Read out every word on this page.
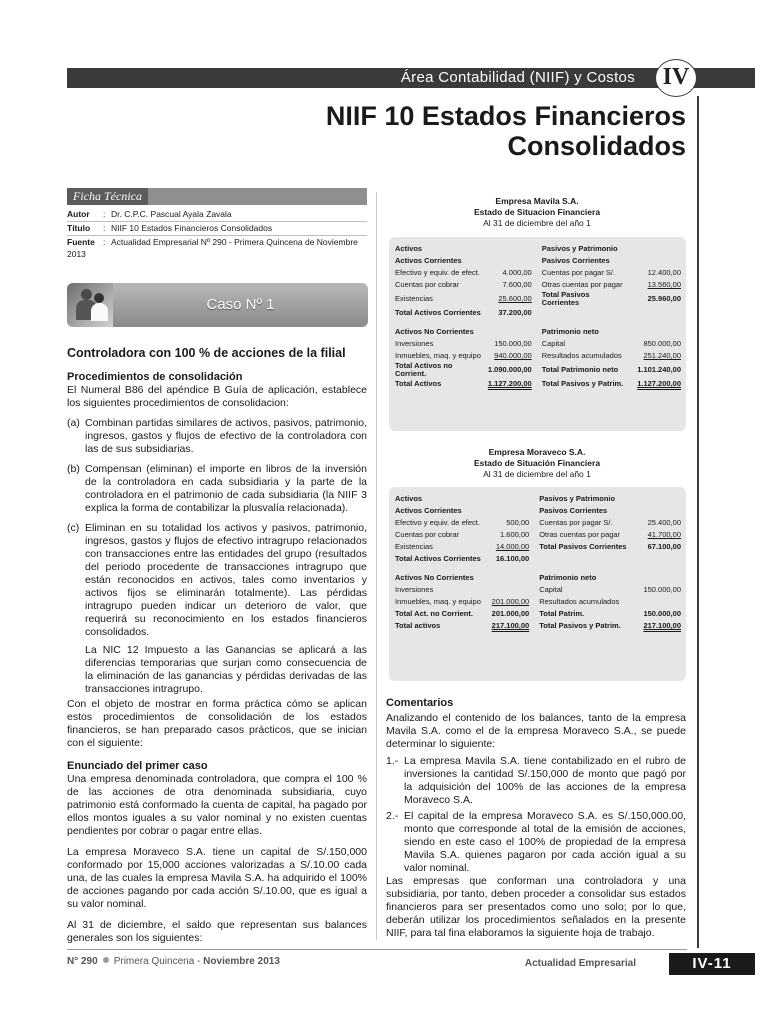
Área Contabilidad (NIIF) y Costos	IV
NIIF 10 Estados Financieros
Consolidados
Ficha Técnica
Autor : Dr. C.P.C. Pascual Ayala Zavala
Título : NIIF 10 Estados Financieros Consolidados
Fuente : Actualidad Empresarial Nº 290 - Primera Quincena de Noviembre 2013
Caso Nº 1
Controladora con 100 % de acciones de la filial
Procedimientos de consolidación

El Numeral B86 del apéndice B Guía de aplicación, establece los siguientes procedimientos de consolidacion:

(a) Combinan partidas similares de activos, pasivos, patrimonio, ingresos, gastos y flujos de efectivo de la controladora con las de sus subsidiarias.
(b) Compensan (eliminan) el importe en libros de la inversión de la controladora en cada subsidiaria y la parte de la controladora en el patrimonio de cada subsidiaria (la NIIF 3 explica la forma de contabilizar la plusvalía relacionada).
(c) Eliminan en su totalidad los activos y pasivos, patrimonio, ingresos, gastos y flujos de efectivo intragrupo relacionados con transacciones entre las entidades del grupo (resultados del periodo procedente de transacciones intragrupo que están reconocidos en activos, tales como inventarios y activos fijos se eliminarán totalmente). Las pérdidas intragrupo pueden indicar un deterioro de valor, que requerirá su reconocimiento en los estados financieros consolidados.

La NIC 12 Impuesto a las Ganancias se aplicará a las diferencias temporarias que surjan como consecuencia de la eliminación de las ganancias y pérdidas derivadas de las transacciones intragrupo.

Con el objeto de mostrar en forma práctica cómo se aplican estos procedimientos de consolidación de los estados financieros, se han preparado casos prácticos, que se inician con el siguiente:

Enunciado del primer caso

Una empresa denominada controladora, que compra el 100 % de las acciones de otra denominada subsidiaria, cuyo patrimonio está conformado la cuenta de capital, ha pagado por ellos montos iguales a su valor nominal y no existen cuentas pendientes por cobrar o pagar entre ellas.

La empresa Moraveco S.A. tiene un capital de S/.150,000 conformado por 15,000 acciones valorizadas a S/.10.00 cada una, de las cuales la empresa Mavila S.A. ha adquirido el 100% de acciones pagando por cada acción S/.10.00, que es igual a su valor nominal.

Al 31 de diciembre, el saldo que representan sus balances generales son los siguientes:

Empresa Mavila S.A.
Estado de Situacion Financiera
Al 31 de diciembre del año 1
Activos			Pasivos y Patrimonio	
Activos Corrientes			Pasivos Corrientes	
Efectivo y equiv. de efect.	4.000,00		Cuentas por pagar S/.	12.400,00
Cuentas por cobrar	7.600,00		Otras cuentas por pagar	13.560,00
Existencias	25.600,00		Total Pasivos Corrientes	25.960,00
Total Activos Corrientes	37.200,00			

Activos No Corrientes			Patrimonio neto	
Inversiones	150.000,00		Capital	850.000,00
Inmuebles, maq. y equipo	940.000,00		Resultados acumulados	251.240,00
Total Activos no Corrient.	1.090.000,00		Total Patrimonio neto	1.101.240,00
Total Activos	1.127.200,00		Total Pasivos y Patrim.	1.127.200,00
Empresa Moraveco S.A.
Estado de Situación Financiera
Al 31 de diciembre del año 1
Activos			Pasivos y Patrimonio	
Activos Corrientes			Pasivos Corrientes	
Efectivo y equiv. de efect.	500,00		Cuentas por pagar S/.	25.400,00
Cuentas por cobrar	1.600,00		Otras cuentas por pagar	41.700,00
Existencias	14.000,00		Total Pasivos Corrientes	67.100,00
Total Activos Corrientes	16.100,00			

Activos No Corrientes			Patrimonio neto	
Inversiones			Capital	150.000,00
Inmuebles, maq. y equipo	201.000,00		Resultados acumulados	
Total Act. no Corrient.	201.000,00		Total Patrim.	150.000,00
Total activos	217.100,00		Total Pasivos y Patrim.	217.100,00
Comentarios

Analizando el contenido de los balances, tanto de la empresa Mavila S.A. como el de la empresa Moraveco S.A., se puede determinar lo siguiente:

1.- La empresa Mavila S.A. tiene contabilizado en el rubro de inversiones la cantidad S/.150,000 de monto que pagó por la adquisición del 100% de las acciones de la empresa Moraveco S.A.
2.- El capital de la empresa Moraveco S.A. es S/.150,000.00, monto que corresponde al total de la emisión de acciones, siendo en este caso el 100% de propiedad de la empresa Mavila S.A. quienes pagaron por cada acción igual a su valor nominal.

Las empresas que conforman una controladora y una subsidiaria, por tanto, deben proceder a consolidar sus estados financieros para ser presentados como uno solo; por lo que, deberán utilizar los procedimientos señalados en la presente NIIF, para tal fina elaboramos la siguiente hoja de trabajo.

N° 290 Primera Quincena - Noviembre 2013	Actualidad Empresarial	IV-11
